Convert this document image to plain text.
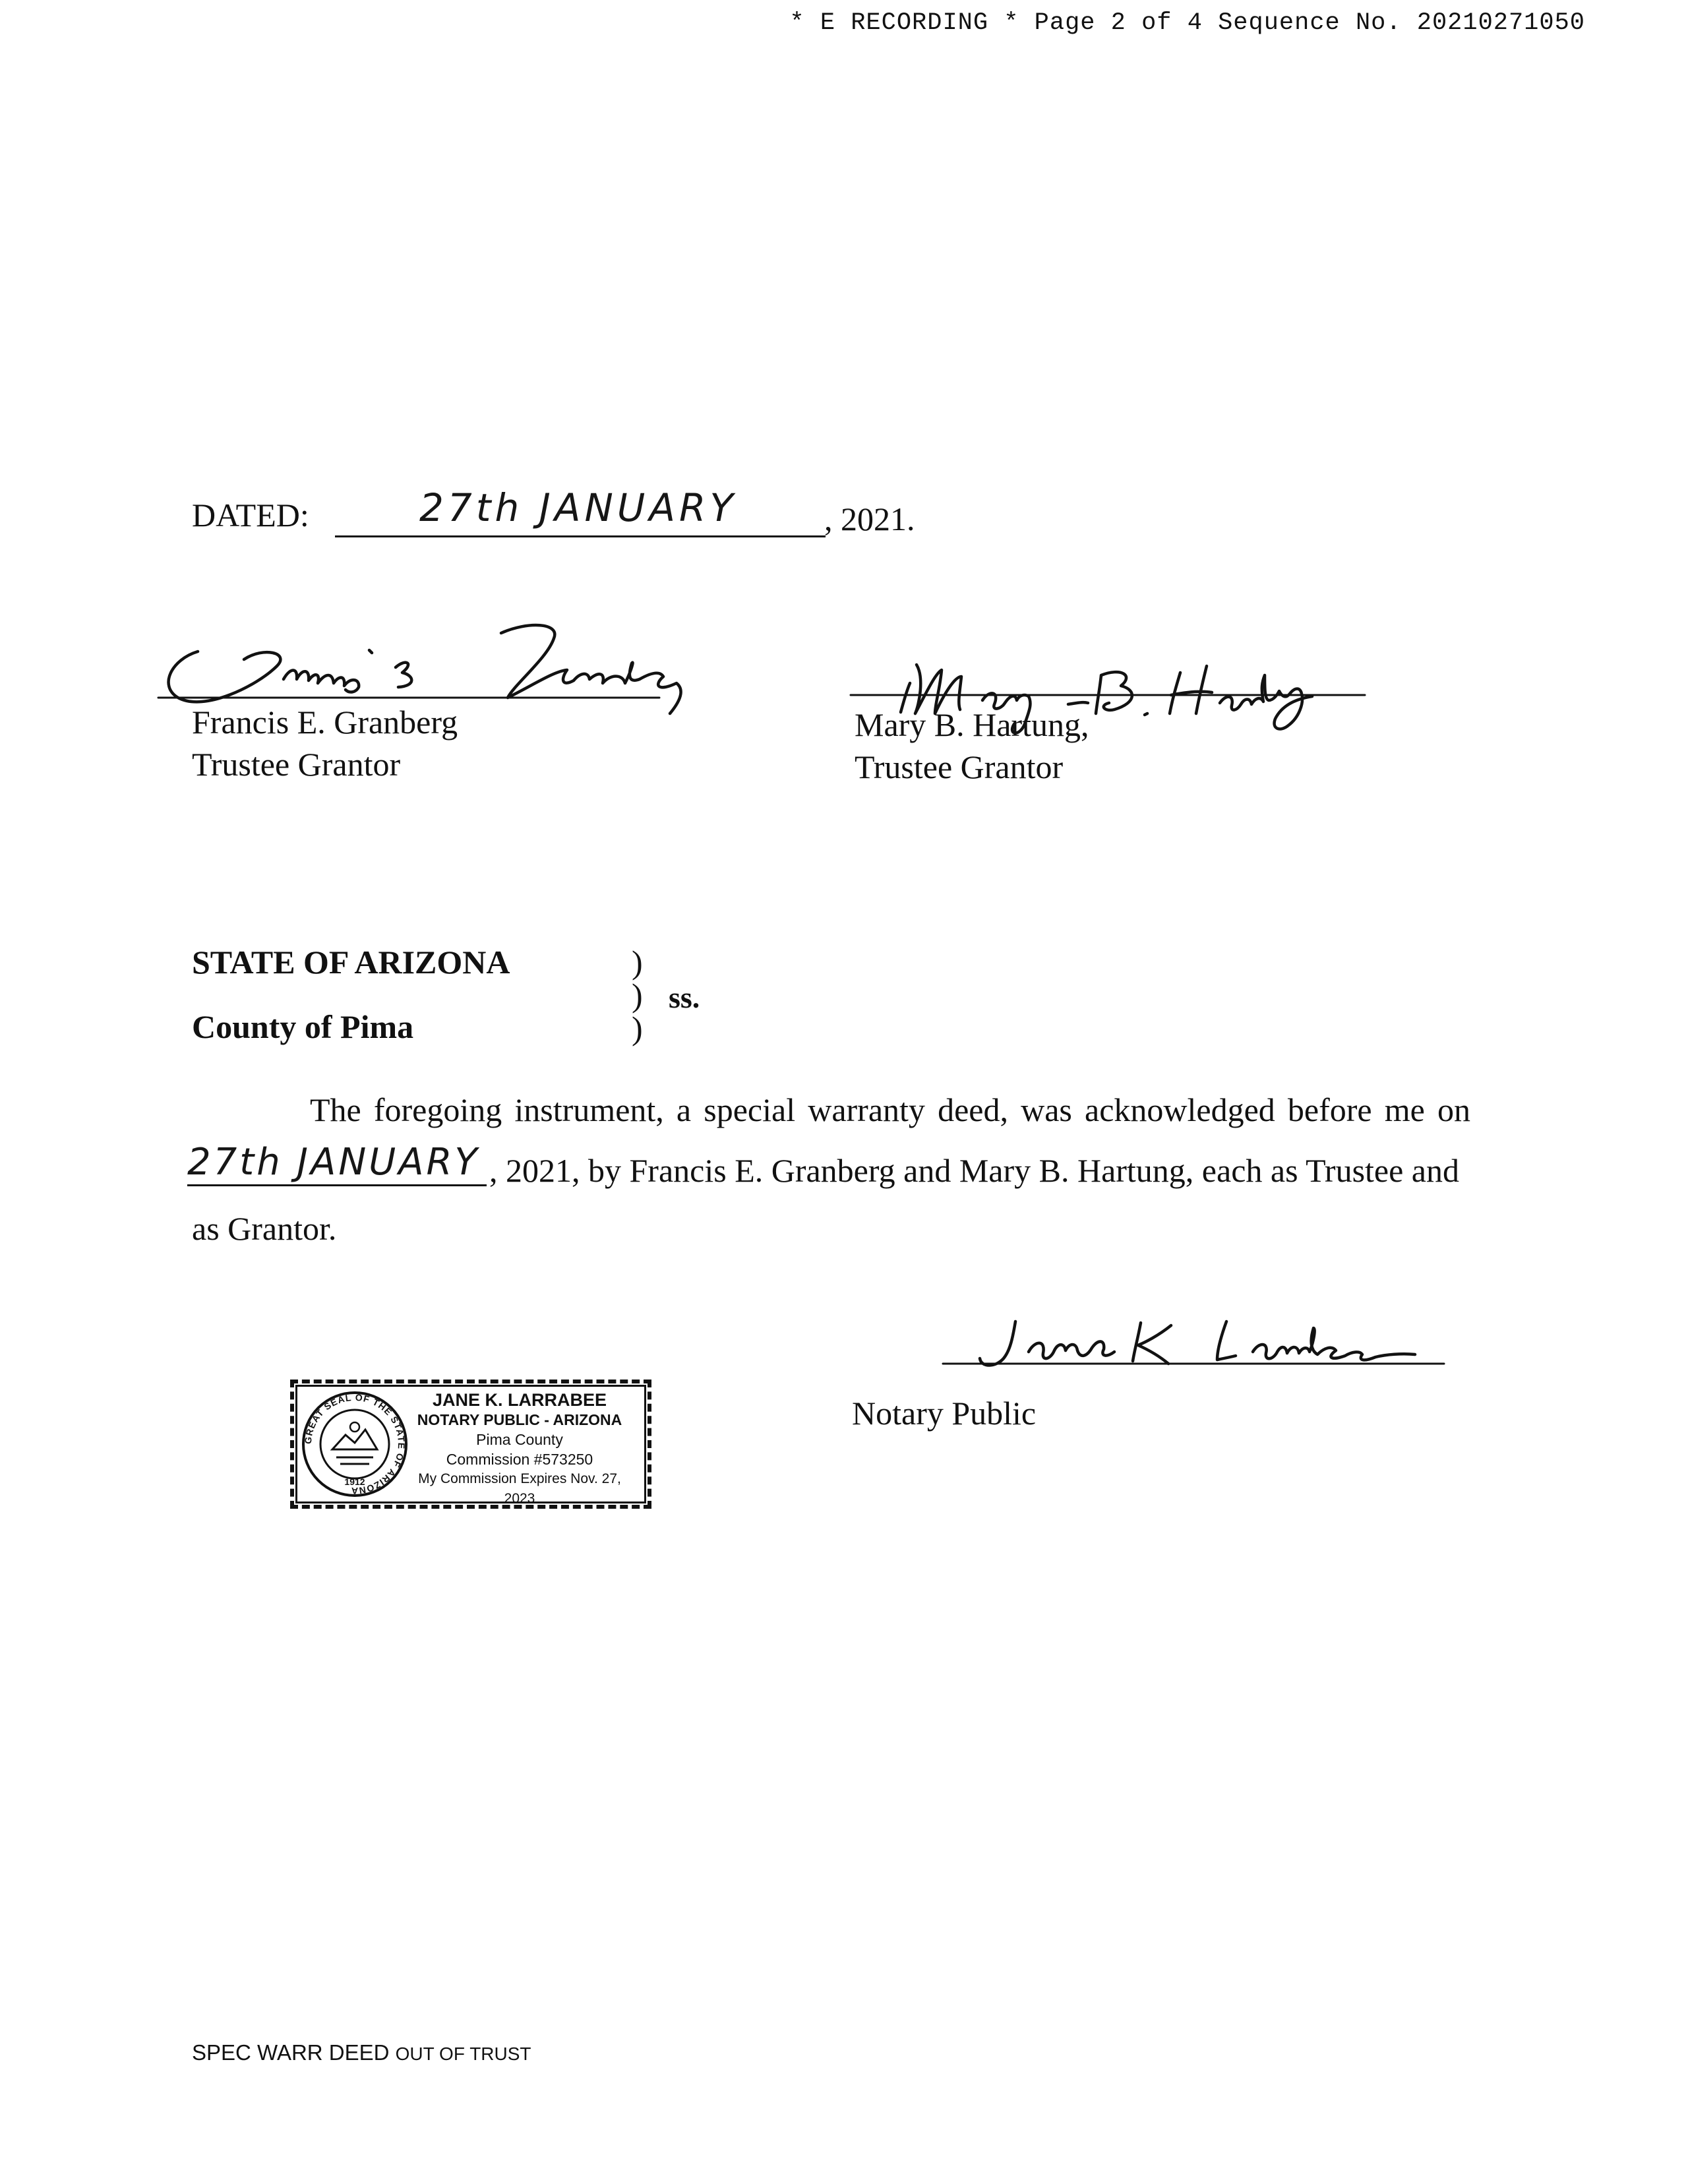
* E RECORDING * Page 2 of 4 Sequence No. 20210271050
DATED:	27th JANUARY	, 2021.
Francis E. Granberg
Trustee Grantor
Mary B. Hartung,
Trustee Grantor
STATE OF ARIZONA
County of Pima
)
)
)
ss.
The foregoing instrument, a special warranty deed, was acknowledged before me on
27th JANUARY , 2021, by Francis E. Granberg and Mary B. Hartung, each as Trustee and
as Grantor.
Notary Public
GREAT SEAL OF THE STATE OF ARIZONA
1912
JANE K. LARRABEE
NOTARY PUBLIC - ARIZONA
Pima County
Commission #573250
My Commission Expires Nov. 27, 2023
SPEC WARR DEED OUT OF TRUST
